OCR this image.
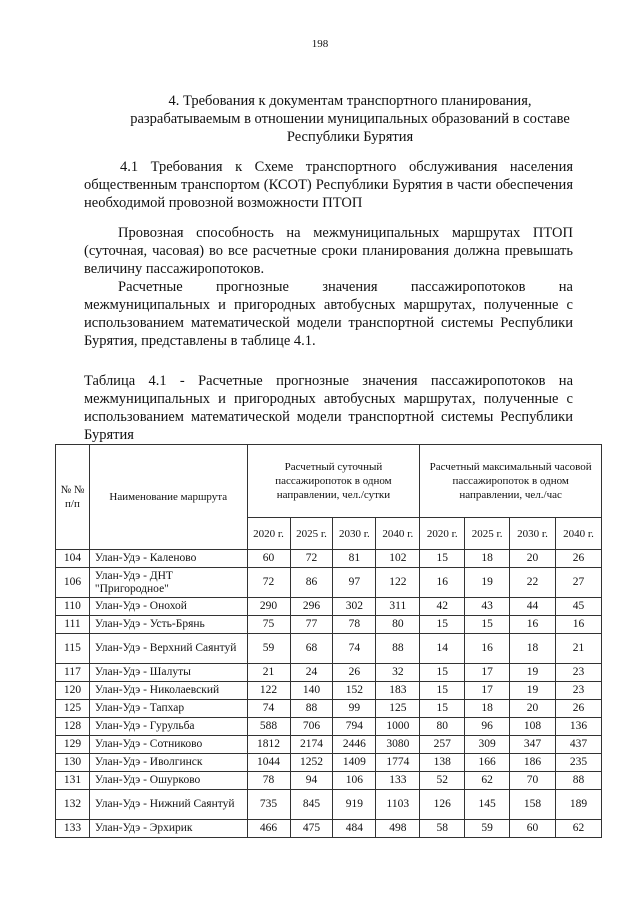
198
4. Требования к документам транспортного планирования, разрабатываемым в отношении муниципальных образований в составе Республики Бурятия

4.1 Требования к Схеме транспортного обслуживания населения общественным транспортом (КСОТ) Республики Бурятия в части обеспечения необходимой провозной возможности ПТОП

Провозная способность на межмуниципальных маршрутах ПТОП (суточная, часовая) во все расчетные сроки планирования должна превышать величину пассажиропотоков.

Расчетные прогнозные значения пассажиропотоков на межмуниципальных и пригородных автобусных маршрутах, полученные с использованием математической модели транспортной системы Республики Бурятия, представлены в таблице 4.1.

Таблица 4.1 - Расчетные прогнозные значения пассажиропотоков на межмуниципальных и пригородных автобусных маршрутах, полученные с использованием математической модели транспортной системы Республики Бурятия

№ № п/п	Наименование маршрута	Расчетный суточный пассажиропоток в одном направлении, чел./сутки				Расчетный максимальный часовой пассажиропоток в одном направлении, чел./час			
		2020 г.	2025 г.	2030 г.	2040 г.	2020 г.	2025 г.	2030 г.	2040 г.
104	Улан-Удэ - Каленово	60	72	81	102	15	18	20	26
106	Улан-Удэ - ДНТ "Пригородное"	72	86	97	122	16	19	22	27
110	Улан-Удэ - Онохой	290	296	302	311	42	43	44	45
111	Улан-Удэ - Усть-Брянь	75	77	78	80	15	15	16	16
115	Улан-Удэ - Верхний Саянтуй	59	68	74	88	14	16	18	21
117	Улан-Удэ - Шалуты	21	24	26	32	15	17	19	23
120	Улан-Удэ - Николаевский	122	140	152	183	15	17	19	23
125	Улан-Удэ - Тапхар	74	88	99	125	15	18	20	26
128	Улан-Удэ - Гурульба	588	706	794	1000	80	96	108	136
129	Улан-Удэ - Сотниково	1812	2174	2446	3080	257	309	347	437
130	Улан-Удэ - Иволгинск	1044	1252	1409	1774	138	166	186	235
131	Улан-Удэ - Ошурково	78	94	106	133	52	62	70	88
132	Улан-Удэ - Нижний Саянтуй	735	845	919	1103	126	145	158	189
133	Улан-Удэ - Эрхирик	466	475	484	498	58	59	60	62
